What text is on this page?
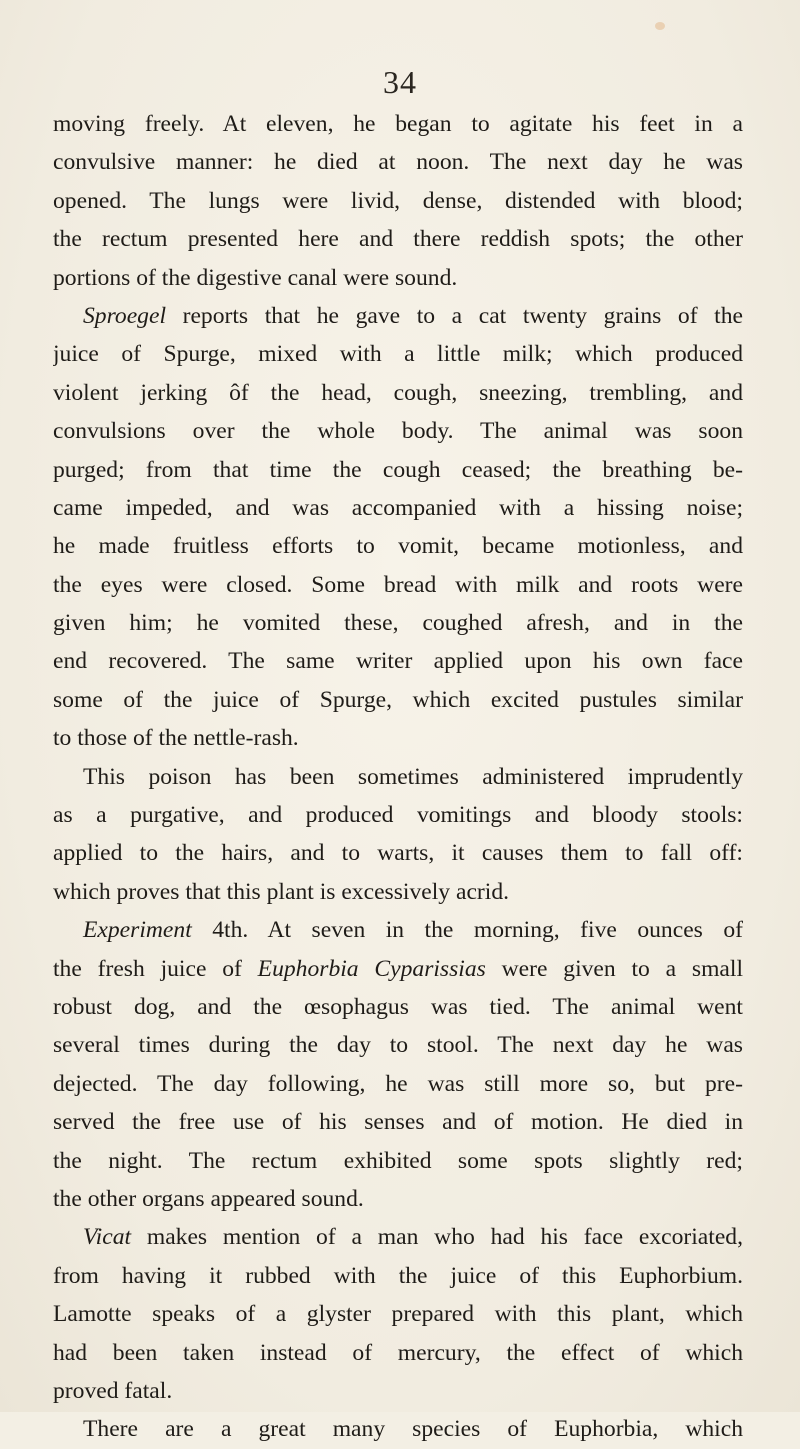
34
moving freely. At eleven, he began to agitate his feet in a
convulsive manner: he died at noon. The next day he was
opened. The lungs were livid, dense, distended with blood;
the rectum presented here and there reddish spots; the other
portions of the digestive canal were sound.
Sproegel reports that he gave to a cat twenty grains of the
juice of Spurge, mixed with a little milk; which produced
violent jerking ôf the head, cough, sneezing, trembling, and
convulsions over the whole body. The animal was soon
purged; from that time the cough ceased; the breathing be-
came impeded, and was accompanied with a hissing noise;
he made fruitless efforts to vomit, became motionless, and
the eyes were closed. Some bread with milk and roots were
given him; he vomited these, coughed afresh, and in the
end recovered. The same writer applied upon his own face
some of the juice of Spurge, which excited pustules similar
to those of the nettle-rash.
This poison has been sometimes administered imprudently
as a purgative, and produced vomitings and bloody stools:
applied to the hairs, and to warts, it causes them to fall off:
which proves that this plant is excessively acrid.
Experiment 4th. At seven in the morning, five ounces of
the fresh juice of Euphorbia Cyparissias were given to a small
robust dog, and the œsophagus was tied. The animal went
several times during the day to stool. The next day he was
dejected. The day following, he was still more so, but pre-
served the free use of his senses and of motion. He died in
the night. The rectum exhibited some spots slightly red;
the other organs appeared sound.
Vicat makes mention of a man who had his face excoriated,
from having it rubbed with the juice of this Euphorbium.
Lamotte speaks of a glyster prepared with this plant, which
had been taken instead of mercury, the effect of which
proved fatal.
There are a great many species of Euphorbia, which
